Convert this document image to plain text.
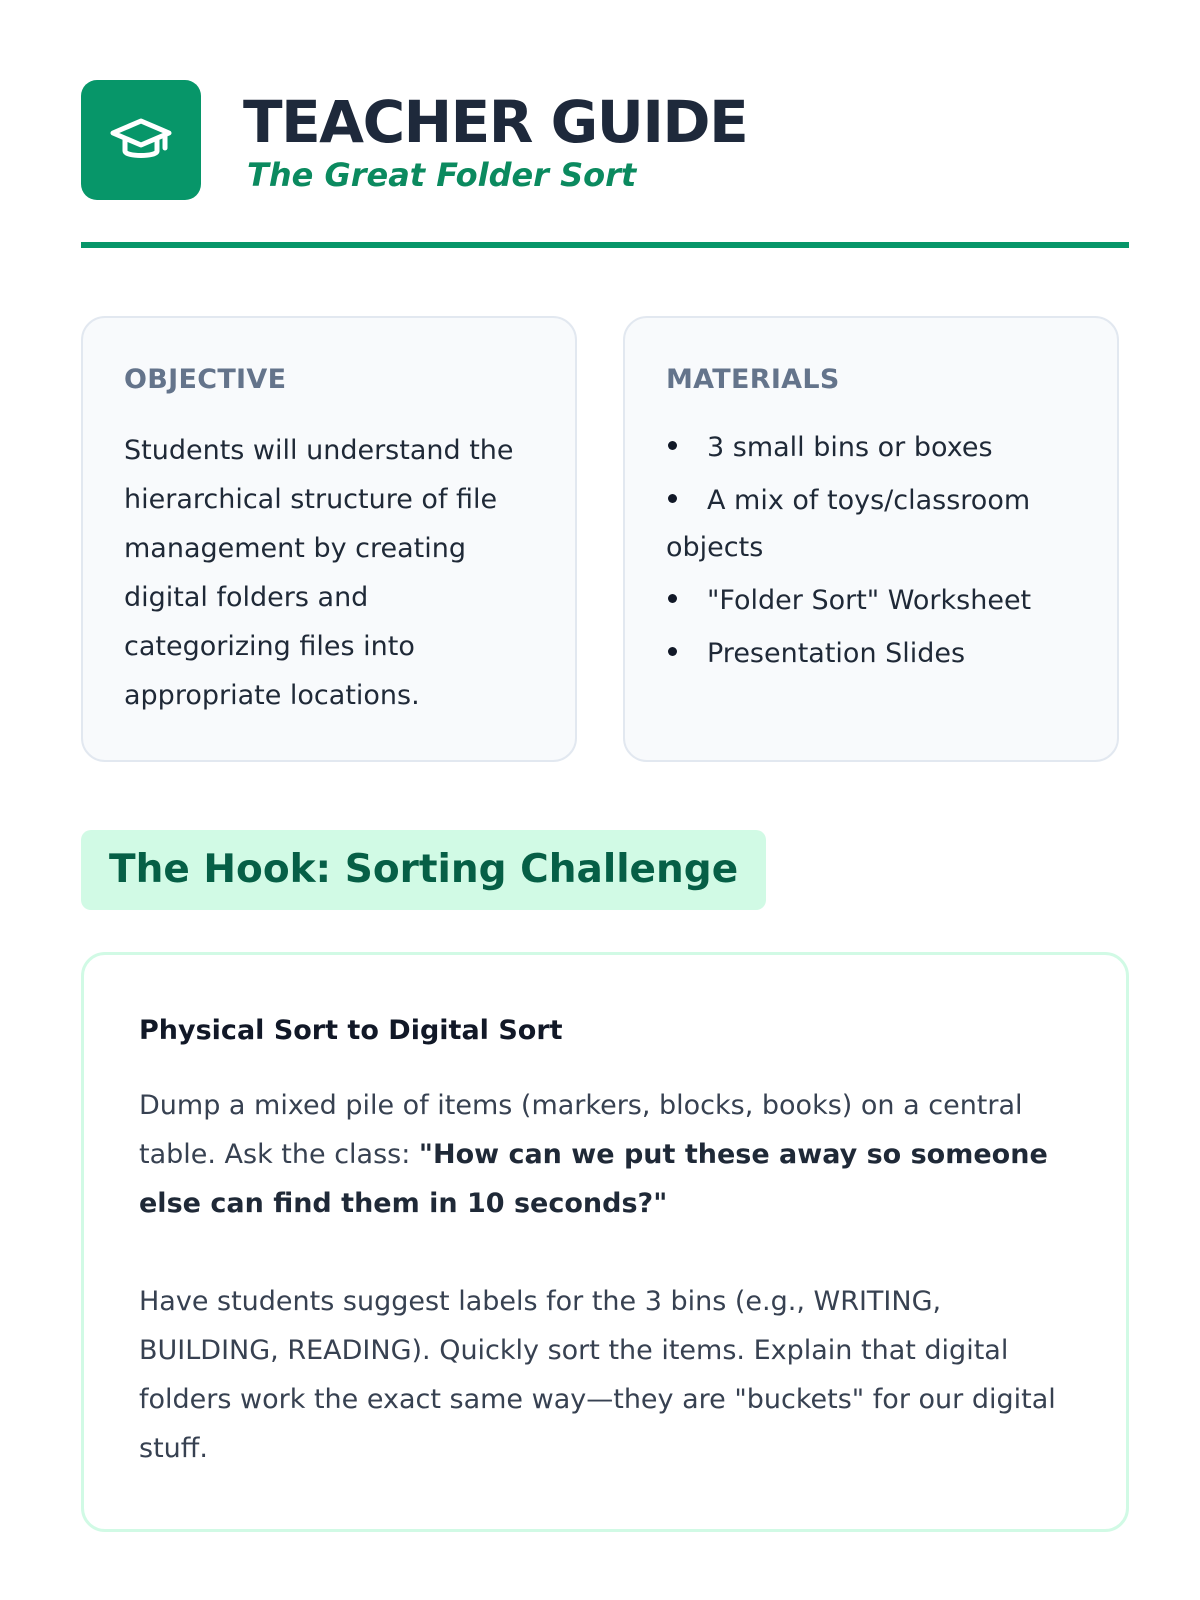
TEACHER GUIDE
The Great Folder Sort
OBJECTIVE
Students will understand the hierarchical structure of file management by creating digital folders and categorizing files into appropriate locations.
MATERIALS
3 small bins or boxes
A mix of toys/classroom objects
"Folder Sort" Worksheet
Presentation Slides
The Hook: Sorting Challenge
Physical Sort to Digital Sort
Dump a mixed pile of items (markers, blocks, books) on a central table. Ask the class: "How can we put these away so someone else can find them in 10 seconds?"
Have students suggest labels for the 3 bins (e.g., WRITING, BUILDING, READING). Quickly sort the items. Explain that digital folders work the exact same way—they are "buckets" for our digital stuff.
